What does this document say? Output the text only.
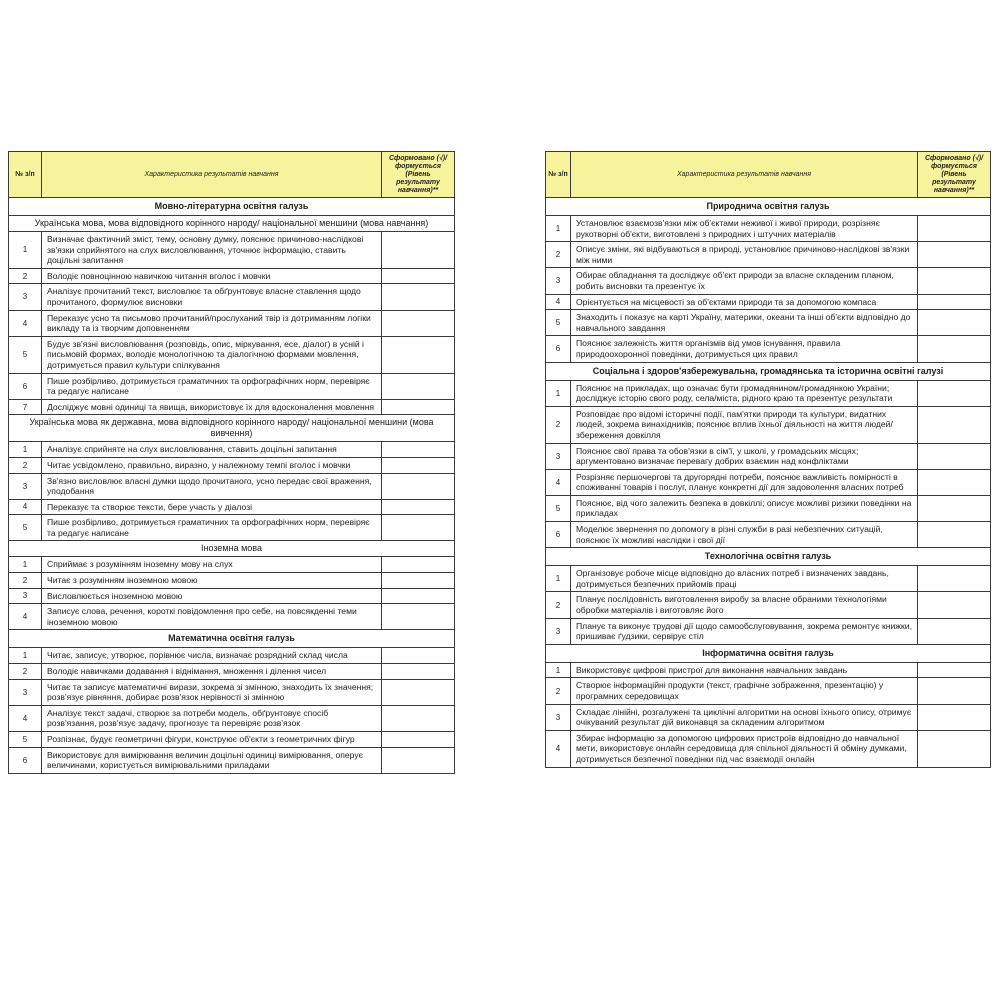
№ з/п	Характеристика результатів навчання	Сформовано (√)/ формується (Рівень результату навчання)**
Мовно-літературна освітня галузь		
Українська мова, мова відповідного корінного народу/ національної меншини (мова навчання)		
1	Визначає фактичний зміст, тему, основну думку, пояснює причиново-наслідкові зв'язки сприйнятого на слух висловлювання, уточнює інформацію, ставить доцільні запитання	
2	Володіє повноцінною навичкою читання вголос і мовчки	
3	Аналізує прочитаний текст, висловлює та обґрунтовує власне ставлення щодо прочитаного, формулює висновки	
4	Переказує усно та письмово прочитаний/прослуханий твір із дотриманням логіки викладу та із творчим доповненням	
5	Будує зв'язні висловлювання (розповідь, опис, міркування, есе, діалог) в усній і письмовій формах, володіє монологічною та діалогічною формами мовлення, дотримується правил культури спілкування	
6	Пише розбірливо, дотримується граматичних та орфографічних норм, перевіряє та редагує написане	
7	Досліджує мовні одиниці та явища, використовує їх для вдосконалення мовлення	
Українська мова як державна, мова відповідного корінного народу/ національної меншини (мова вивчення)		
1	Аналізує сприйняте на слух висловлювання, ставить доцільні запитання	
2	Читає усвідомлено, правильно, виразно, у належному темпі вголос і мовчки	
3	Зв'язно висловлює власні думки щодо прочитаного, усно передає свої враження, уподобання	
4	Переказує та створює тексти, бере участь у діалозі	
5	Пише розбірливо, дотримується граматичних та орфографічних норм, перевіряє та редагує написане	
Іноземна мова		
1	Сприймає з розумінням іноземну мову на слух	
2	Читає з розумінням іноземною мовою	
3	Висловлюється іноземною мовою	
4	Записує слова, речення, короткі повідомлення про себе, на повсякденні теми іноземною мовою	
Математична освітня галузь		
1	Читає, записує, утворює, порівнює числа, визначає розрядний склад числа	
2	Володіє навичками додавання і віднімання, множення і ділення чисел	
3	Читає та записує математичні вирази, зокрема зі змінною, знаходить їх значення; розв'язує рівняння, добирає розв'язок нерівності зі змінною	
4	Аналізує текст задачі, створює за потреби модель, обґрунтовує спосіб розв'язання, розв'язує задачу, прогнозує та перевіряє розв'язок	
5	Розпізнає, будує геометричні фігури, конструює об'єкти з геометричних фігур	
6	Використовує для вимірювання величин доцільні одиниці вимірювання, оперує величинами, користується вимірювальними приладами	
№ з/п	Характеристика результатів навчання	Сформовано (√)/ формується (Рівень результату навчання)**
Природнича освітня галузь		
1	Установлює взаємозв'язки між об'єктами неживої і живої природи, розрізняє рукотворні об'єкти, виготовлені з природних і штучних матеріалів	
2	Описує зміни, які відбуваються в природі, установлює причиново-наслідкові зв'язки між ними	
3	Обирає обладнання та досліджує об'єкт природи за власне складеним планом, робить висновки та презентує їх	
4	Орієнтується на місцевості за об'єктами природи та за допомогою компаса	
5	Знаходить і показує на карті Україну, материки, океани та інші об'єкти відповідно до навчального завдання	
6	Пояснює залежність життя організмів від умов існування, правила природоохоронної поведінки, дотримується цих правил	
Соціальна і здоров'язбережувальна, громадянська та історична освітні галузі		
1	Пояснює на прикладах, що означає бути громадянином/громадянкою України; досліджує історію свого роду, села/міста, рідного краю та презентує результати	
2	Розповідає про відомі історичні події, пам'ятки природи та культури, видатних людей, зокрема винахідників; пояснює вплив їхньої діяльності на життя людей/збереження довкілля	
3	Пояснює свої права та обов'язки в сім'ї, у школі, у громадських місцях; аргументовано визначає перевагу добрих взаємин над конфліктами	
4	Розрізняє першочергові та другорядні потреби, пояснює важливість помірності в споживанні товарів і послуг, планує конкретні дії для задоволення власних потреб	
5	Пояснює, від чого залежить безпека в довкіллі; описує можливі ризики поведінки на прикладах	
6	Моделює звернення по допомогу в різні служби в разі небезпечних ситуацій, пояснює їх можливі наслідки і свої дії	
Технологічна освітня галузь		
1	Організовує робоче місце відповідно до власних потреб і визначених завдань, дотримується безпечних прийомів праці	
2	Планує послідовність виготовлення виробу за власне обраними технологіями обробки матеріалів і виготовляє його	
3	Планує та виконує трудові дії щодо самообслуговування, зокрема ремонтує книжки, пришиває ґудзики, сервірує стіл	
Інформатична освітня галузь		
1	Використовує цифрові пристрої для виконання навчальних завдань	
2	Створює інформаційні продукти (текст, графічне зображення, презентацію) у програмних середовищах	
3	Складає лінійні, розгалужені та циклічні алгоритми на основі їхнього опису, отримує очікуваний результат дій виконавця за складеним алгоритмом	
4	Збирає інформацію за допомогою цифрових пристроїв відповідно до навчальної мети, використовує онлайн середовища для спільної діяльності й обміну думками, дотримується безпечної поведінки під час взаємодії онлайн	
